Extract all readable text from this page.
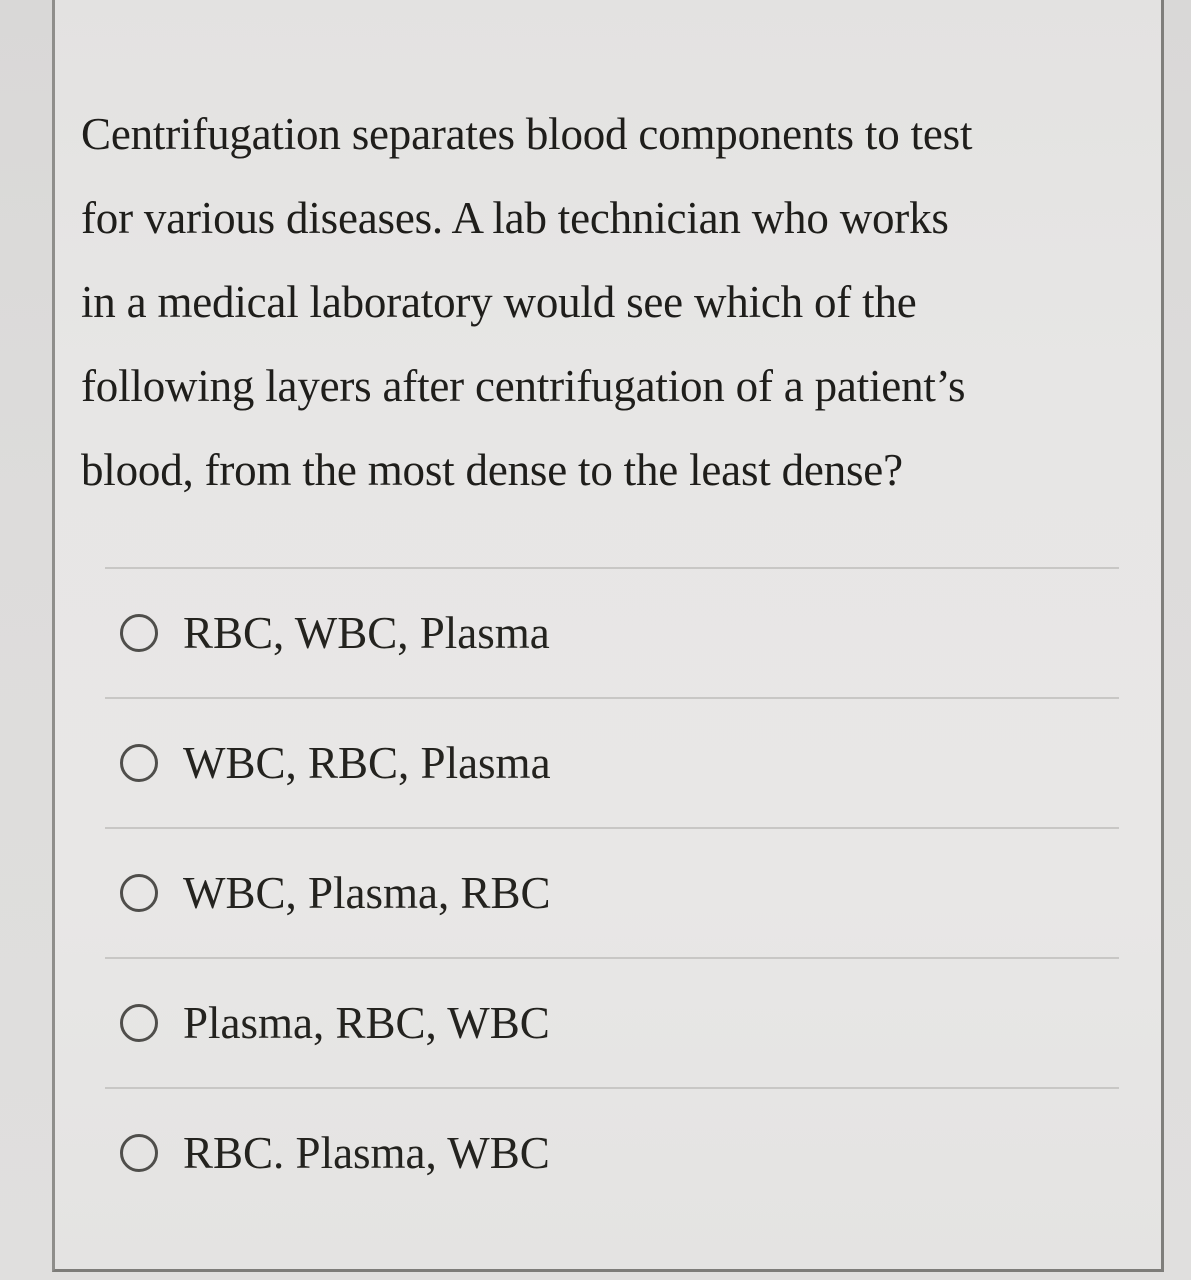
Centrifugation separates blood components to test
for various diseases. A lab technician who works
in a medical laboratory would see which of the
following layers after centrifugation of a patient’s
blood, from the most dense to the least dense?

RBC, WBC, Plasma
WBC, RBC, Plasma
WBC, Plasma, RBC
Plasma, RBC, WBC
RBC. Plasma, WBC
